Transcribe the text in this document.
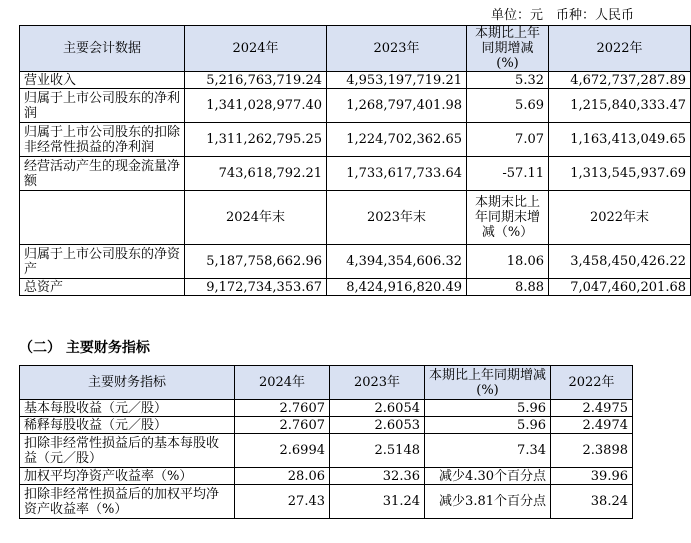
单位：元　币种：人民币
主要会计数据	2024年	2023年	本期比上年同期增减(%)	2022年
营业收入	5,216,763,719.24	4,953,197,719.21	5.32	4,672,737,287.89
归属于上市公司股东的净利润	1,341,028,977.40	1,268,797,401.98	5.69	1,215,840,333.47
归属于上市公司股东的扣除非经常性损益的净利润	1,311,262,795.25	1,224,702,362.65	7.07	1,163,413,049.65
经营活动产生的现金流量净额	743,618,792.21	1,733,617,733.64	-57.11	1,313,545,937.69
	2024年末	2023年末	本期末比上年同期末增减（%）	2022年末
归属于上市公司股东的净资产	5,187,758,662.96	4,394,354,606.32	18.06	3,458,450,426.22
总资产	9,172,734,353.67	8,424,916,820.49	8.88	7,047,460,201.68
（二） 主要财务指标
主要财务指标	2024年	2023年	本期比上年同期增减(%)	2022年
基本每股收益（元／股）	2.7607	2.6054	5.96	2.4975
稀释每股收益（元／股）	2.7607	2.6053	5.96	2.4974
扣除非经常性损益后的基本每股收益（元／股）	2.6994	2.5148	7.34	2.3898
加权平均净资产收益率（%）	28.06	32.36	减少4.30个百分点	39.96
扣除非经常性损益后的加权平均净资产收益率（%）	27.43	31.24	减少3.81个百分点	38.24
